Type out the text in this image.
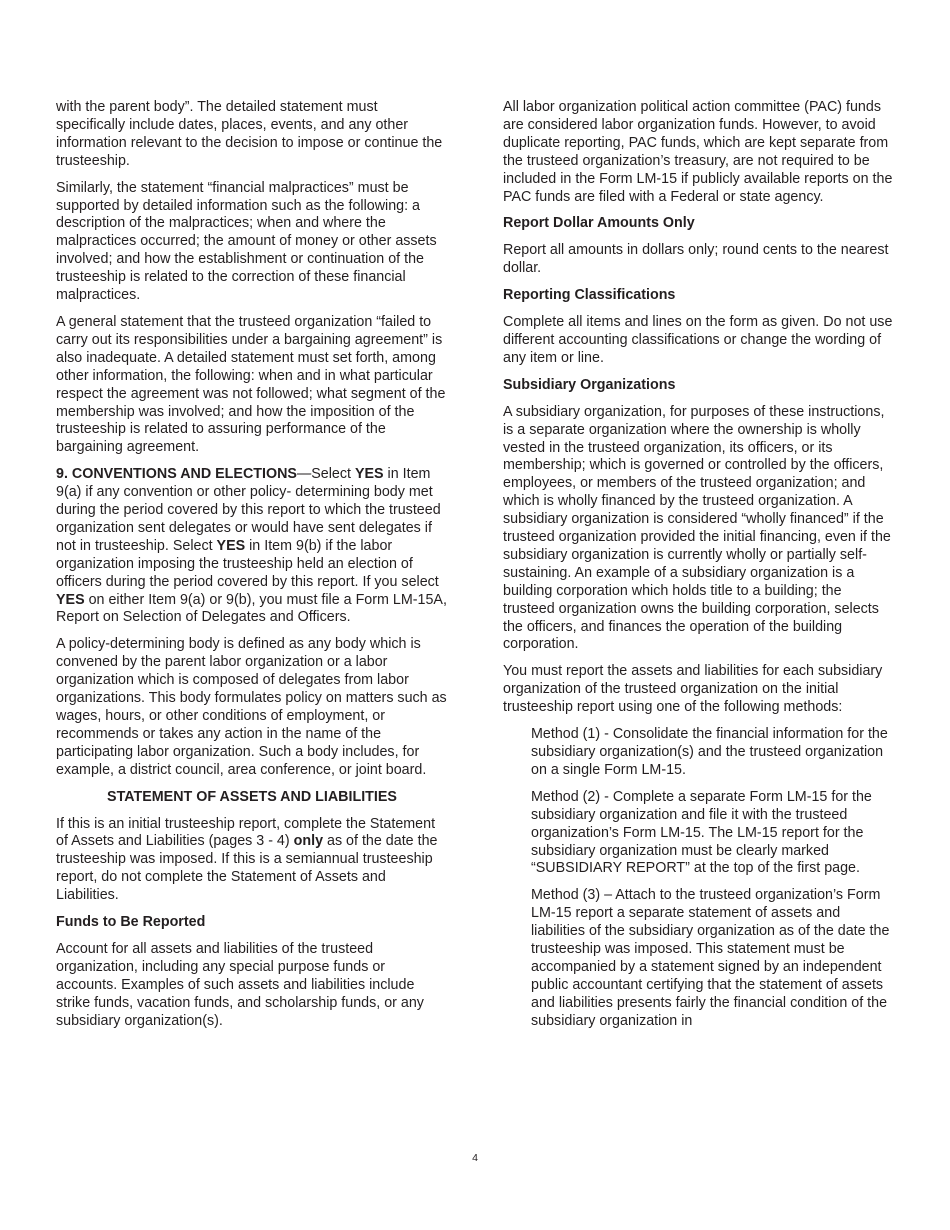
with the parent body”. The detailed statement must specifically include dates, places, events, and any other information relevant to the decision to impose or continue the trusteeship.

Similarly, the statement “financial malpractices” must be supported by detailed information such as the following: a description of the malpractices; when and where the malpractices occurred; the amount of money or other assets involved; and how the establishment or continuation of the trusteeship is related to the correction of these financial malpractices.

A general statement that the trusteed organization “failed to carry out its responsibilities under a bargaining agreement” is also inadequate. A detailed statement must set forth, among other information, the following: when and in what particular respect the agreement was not followed; what segment of the membership was involved; and how the imposition of the trusteeship is related to assuring performance of the bargaining agreement.

9. CONVENTIONS AND ELECTIONS—Select YES in Item 9(a) if any convention or other policy- determining body met during the period covered by this report to which the trusteed organization sent delegates or would have sent delegates if not in trusteeship. Select YES in Item 9(b) if the labor organization imposing the trusteeship held an election of officers during the period covered by this report. If you select YES on either Item 9(a) or 9(b), you must file a Form LM-15A, Report on Selection of Delegates and Officers.

A policy-determining body is defined as any body which is convened by the parent labor organization or a labor organization which is composed of delegates from labor organizations. This body formulates policy on matters such as wages, hours, or other conditions of employment, or recommends or takes any action in the name of the participating labor organization. Such a body includes, for example, a district council, area conference, or joint board.

STATEMENT OF ASSETS AND LIABILITIES

If this is an initial trusteeship report, complete the Statement of Assets and Liabilities (pages 3 - 4) only as of the date the trusteeship was imposed. If this is a semiannual trusteeship report, do not complete the Statement of Assets and Liabilities.

Funds to Be Reported

Account for all assets and liabilities of the trusteed organization, including any special purpose funds or accounts. Examples of such assets and liabilities include strike funds, vacation funds, and scholarship funds, or any subsidiary organization(s).

All labor organization political action committee (PAC) funds are considered labor organization funds. However, to avoid duplicate reporting, PAC funds, which are kept separate from the trusteed organization’s treasury, are not required to be included in the Form LM-15 if publicly available reports on the PAC funds are filed with a Federal or state agency.

Report Dollar Amounts Only

Report all amounts in dollars only; round cents to the nearest dollar.

Reporting Classifications

Complete all items and lines on the form as given. Do not use different accounting classifications or change the wording of any item or line.

Subsidiary Organizations

A subsidiary organization, for purposes of these instructions, is a separate organization where the ownership is wholly vested in the trusteed organization, its officers, or its membership; which is governed or controlled by the officers, employees, or members of the trusteed organization; and which is wholly financed by the trusteed organization. A subsidiary organization is considered “wholly financed” if the trusteed organization provided the initial financing, even if the subsidiary organization is currently wholly or partially self-sustaining. An example of a subsidiary organization is a building corporation which holds title to a building; the trusteed organization owns the building corporation, selects the officers, and finances the operation of the building corporation.

You must report the assets and liabilities for each subsidiary organization of the trusteed organization on the initial trusteeship report using one of the following methods:

Method (1) - Consolidate the financial information for the subsidiary organization(s) and the trusteed organization on a single Form LM-15.

Method (2) - Complete a separate Form LM-15 for the subsidiary organization and file it with the trusteed organization’s Form LM-15. The LM-15 report for the subsidiary organization must be clearly marked “SUBSIDIARY REPORT” at the top of the first page.

Method (3) – Attach to the trusteed organization’s Form LM-15 report a separate statement of assets and liabilities of the subsidiary organization as of the date the trusteeship was imposed. This statement must be accompanied by a statement signed by an independent public accountant certifying that the statement of assets and liabilities presents fairly the financial condition of the subsidiary organization in

4
